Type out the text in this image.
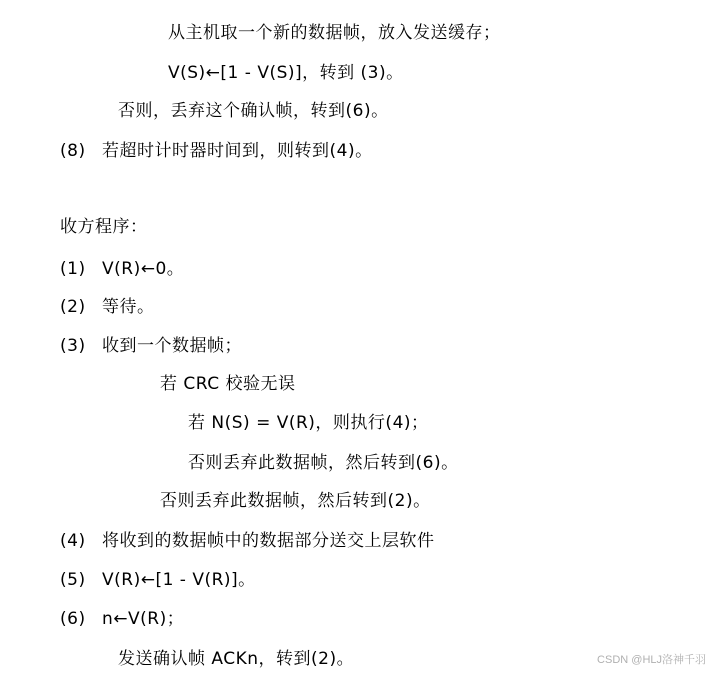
从主机取一个新的数据帧，放入发送缓存；
V(S)←[1 - V(S)]，转到 (3)。
否则，丢弃这个确认帧，转到(6)。
(8) 若超时计时器时间到，则转到(4)。
收方程序：
(1) V(R)←0。
(2) 等待。
(3) 收到一个数据帧；
若 CRC 校验无误
若 N(S) = V(R)，则执行(4)；
否则丢弃此数据帧，然后转到(6)。
否则丢弃此数据帧，然后转到(2)。
(4) 将收到的数据帧中的数据部分送交上层软件
(5) V(R)←[1 - V(R)]。
(6) n←V(R)；
发送确认帧 ACKn，转到(2)。	CSDN @HLJ洛神千羽
